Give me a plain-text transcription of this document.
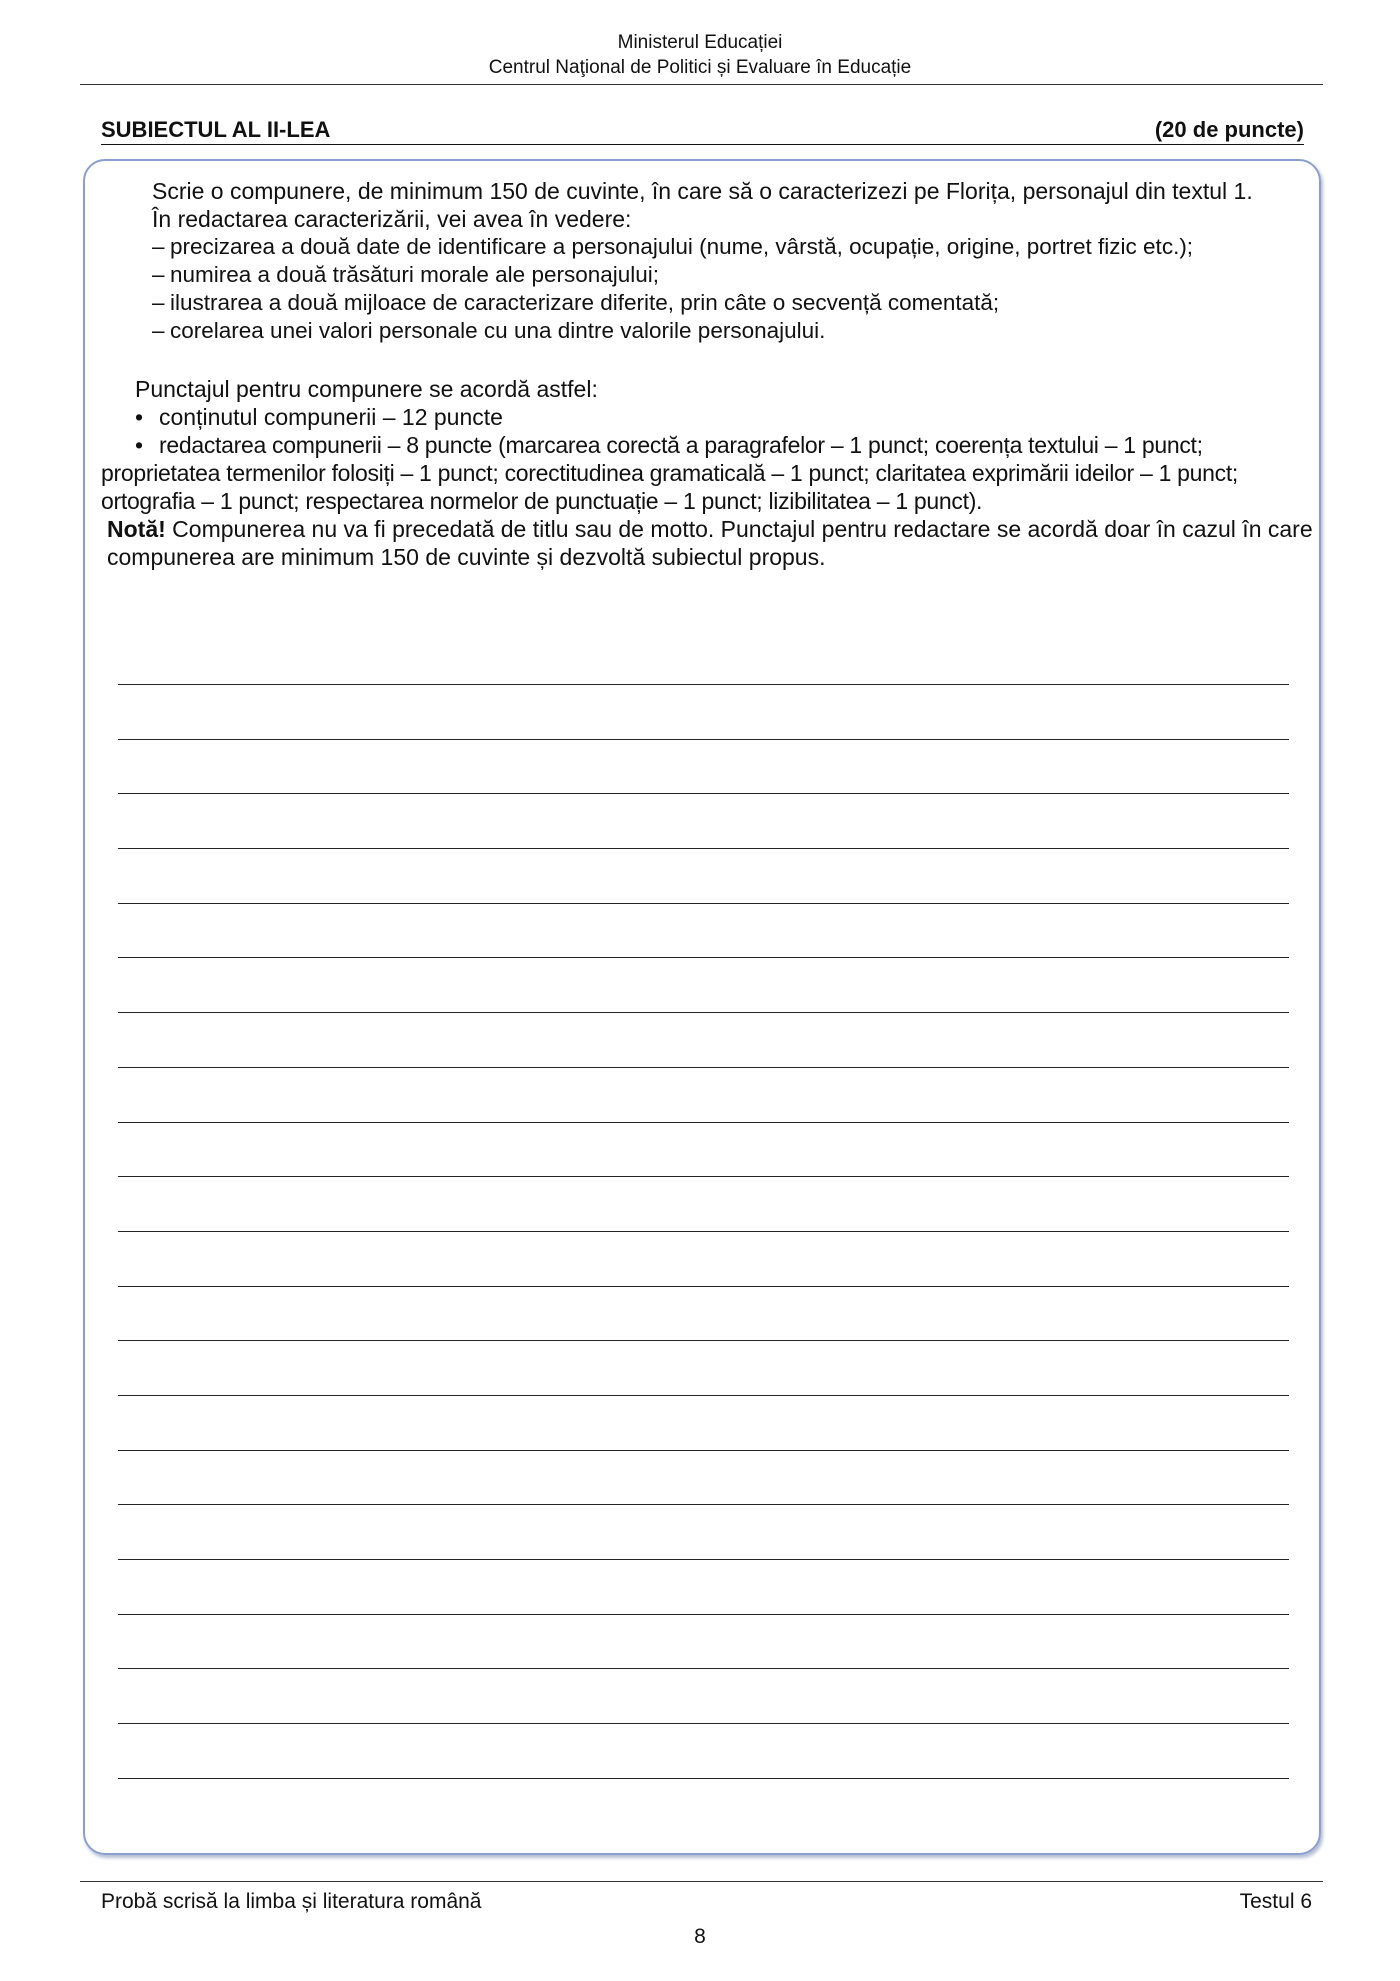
Ministerul Educației
Centrul Naţional de Politici și Evaluare în Educație
SUBIECTUL AL II-LEA	(20 de puncte)

Scrie o compunere, de minimum 150 de cuvinte, în care să o caracterizezi pe Florița, personajul din textul 1.

În redactarea caracterizării, vei avea în vedere:

– precizarea a două date de identificare a personajului (nume, vârstă, ocupație, origine, portret fizic etc.);
– numirea a două trăsături morale ale personajului;
– ilustrarea a două mijloace de caracterizare diferite, prin câte o secvență comentată;
– corelarea unei valori personale cu una dintre valorile personajului.

Punctajul pentru compunere se acordă astfel:

• conținutul compunerii – 12 puncte
• redactarea compunerii – 8 puncte (marcarea corectă a paragrafelor – 1 punct; coerența textului – 1 punct; proprietatea termenilor folosiți – 1 punct; corectitudinea gramaticală – 1 punct; claritatea exprimării ideilor – 1 punct; ortografia – 1 punct; respectarea normelor de punctuație – 1 punct; lizibilitatea – 1 punct).

Notă! Compunerea nu va fi precedată de titlu sau de motto. Punctajul pentru redactare se acordă doar în cazul în care compunerea are minimum 150 de cuvinte și dezvoltă subiectul propus.

Probă scrisă la limba și literatura română	Testul 6
8
